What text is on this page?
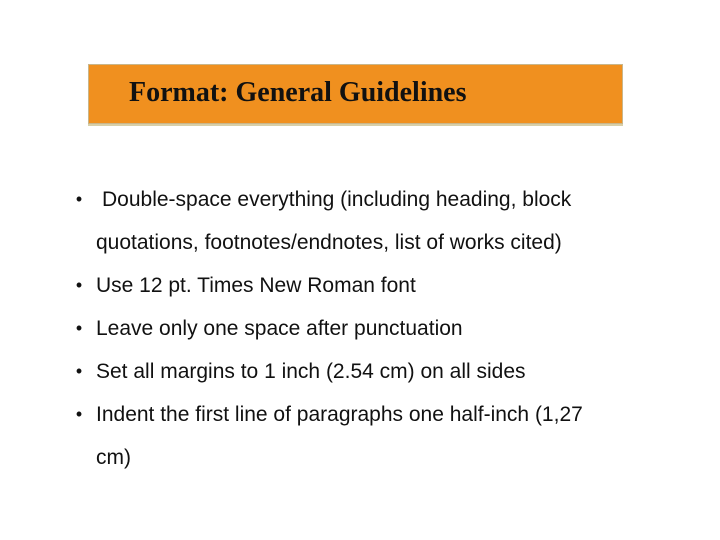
Format: General Guidelines
• Double-space everything (including heading, block
quotations, footnotes/endnotes, list of works cited)
• Use 12 pt. Times New Roman font
• Leave only one space after punctuation
• Set all margins to 1 inch (2.54 cm) on all sides
• Indent the first line of paragraphs one half-inch (1,27
cm)
